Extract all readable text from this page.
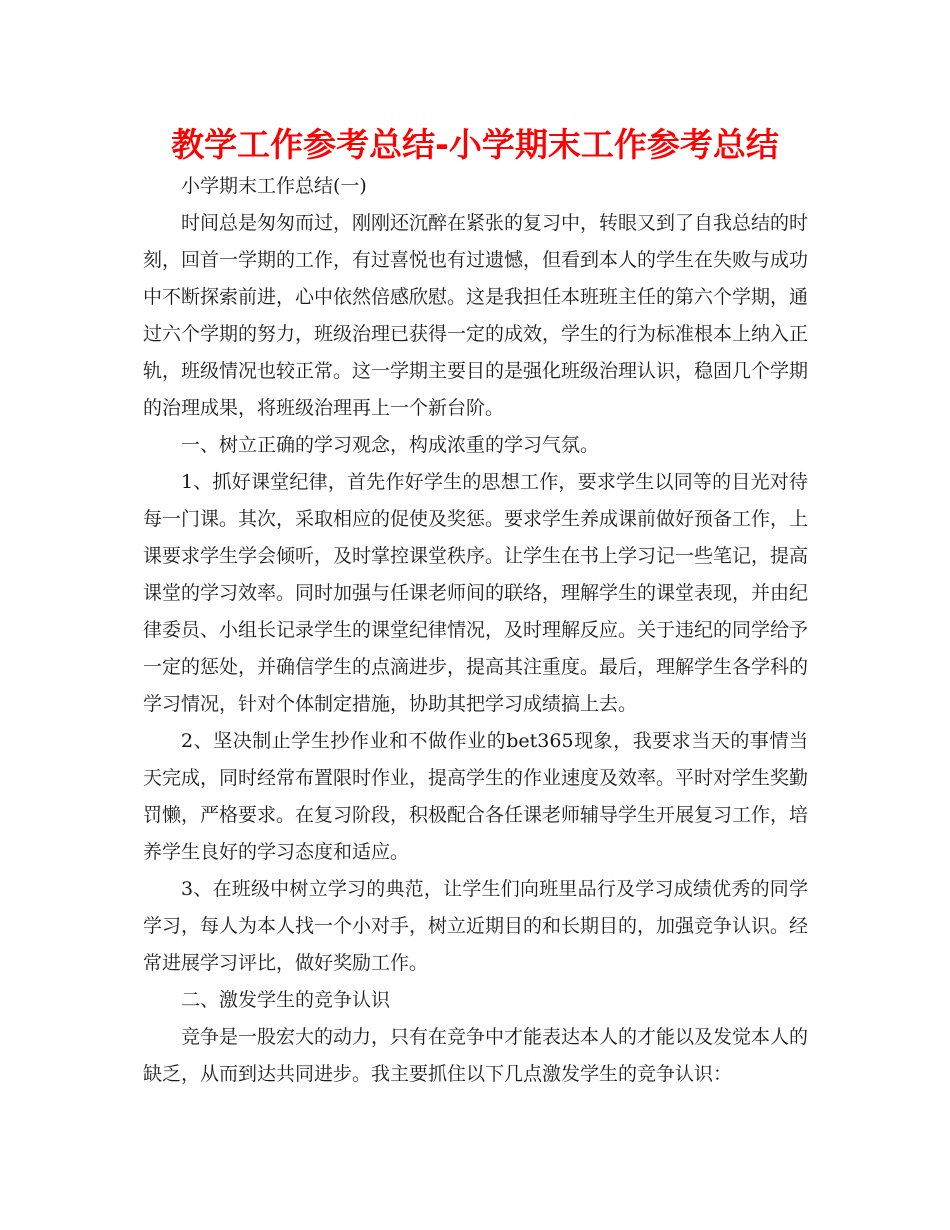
教学工作参考总结-小学期末工作参考总结

小学期末工作总结(一)

时间总是匆匆而过，刚刚还沉醉在紧张的复习中，转眼又到了自我总结的时刻，回首一学期的工作，有过喜悦也有过遗憾，但看到本人的学生在失败与成功中不断探索前进，心中依然倍感欣慰。这是我担任本班班主任的第六个学期，通过六个学期的努力，班级治理已获得一定的成效，学生的行为标准根本上纳入正轨，班级情况也较正常。这一学期主要目的是强化班级治理认识，稳固几个学期的治理成果，将班级治理再上一个新台阶。

一、树立正确的学习观念，构成浓重的学习气氛。

1、抓好课堂纪律，首先作好学生的思想工作，要求学生以同等的目光对待每一门课。其次，采取相应的促使及奖惩。要求学生养成课前做好预备工作，上课要求学生学会倾听，及时掌控课堂秩序。让学生在书上学习记一些笔记，提高课堂的学习效率。同时加强与任课老师间的联络，理解学生的课堂表现，并由纪律委员、小组长记录学生的课堂纪律情况，及时理解反应。关于违纪的同学给予一定的惩处，并确信学生的点滴进步，提高其注重度。最后，理解学生各学科的学习情况，针对个体制定措施，协助其把学习成绩搞上去。

2、坚决制止学生抄作业和不做作业的bet365现象，我要求当天的事情当天完成，同时经常布置限时作业，提高学生的作业速度及效率。平时对学生奖勤罚懒，严格要求。在复习阶段，积极配合各任课老师辅导学生开展复习工作，培养学生良好的学习态度和适应。

3、在班级中树立学习的典范，让学生们向班里品行及学习成绩优秀的同学学习，每人为本人找一个小对手，树立近期目的和长期目的，加强竞争认识。经常进展学习评比，做好奖励工作。

二、激发学生的竞争认识

竞争是一股宏大的动力，只有在竞争中才能表达本人的才能以及发觉本人的缺乏，从而到达共同进步。我主要抓住以下几点激发学生的竞争认识：
